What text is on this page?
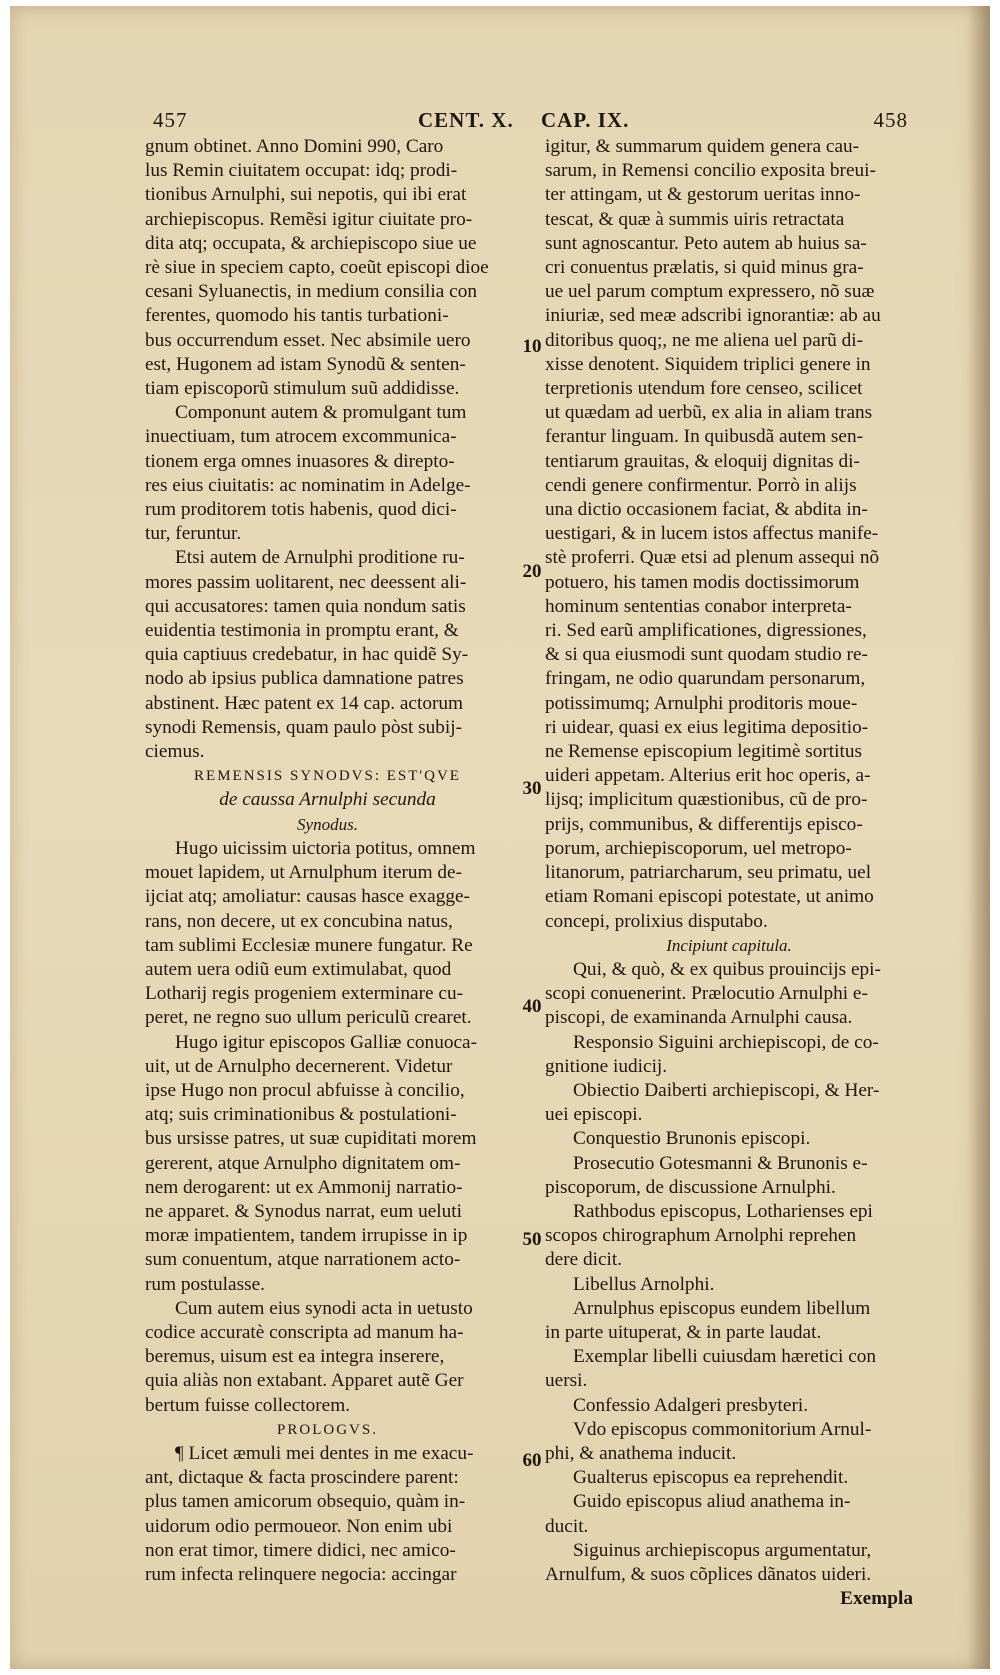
457	CENT. X. CAP. IX.	458

gnum obtinet. Anno Domini 990, Caro

lus Remin ciuitatem occupat: idq; prodi-

tionibus Arnulphi, sui nepotis, qui ibi erat

archiepiscopus. Remẽsi igitur ciuitate pro-

dita atq; occupata, & archiepiscopo siue ue

rè siue in speciem capto, coeũt episcopi dioe

cesani Syluanectis, in medium consilia con

ferentes, quomodo his tantis turbationi-

bus occurrendum esset. Nec absimile uero

est, Hugonem ad istam Synodũ & senten-

tiam episcoporũ stimulum suũ addidisse.

Componunt autem & promulgant tum

inuectiuam, tum atrocem excommunica-

tionem erga omnes inuasores & direpto-

res eius ciuitatis: ac nominatim in Adelge-

rum proditorem totis habenis, quod dici-

tur, feruntur.

Etsi autem de Arnulphi proditione ru-

mores passim uolitarent, nec deessent ali-

qui accusatores: tamen quia nondum satis

euidentia testimonia in promptu erant, &

quia captiuus credebatur, in hac quidẽ Sy-

nodo ab ipsius publica damnatione patres

abstinent. Hæc patent ex 14 cap. actorum

synodi Remensis, quam paulo pòst subij-

ciemus.

REMENSIS SYNODVS: EST'QVE

de caussa Arnulphi secunda

Synodus.

Hugo uicissim uictoria potitus, omnem

mouet lapidem, ut Arnulphum iterum de-

ijciat atq; amoliatur: causas hasce exagge-

rans, non decere, ut ex concubina natus,

tam sublimi Ecclesiæ munere fungatur. Re

autem uera odiũ eum extimulabat, quod

Lotharij regis progeniem exterminare cu-

peret, ne regno suo ullum periculũ crearet.

Hugo igitur episcopos Galliæ conuoca-

uit, ut de Arnulpho decernerent. Videtur

ipse Hugo non procul abfuisse à concilio,

atq; suis criminationibus & postulationi-

bus ursisse patres, ut suæ cupiditati morem

gererent, atque Arnulpho dignitatem om-

nem derogarent: ut ex Ammonij narratio-

ne apparet. & Synodus narrat, eum ueluti

moræ impatientem, tandem irrupisse in ip

sum conuentum, atque narrationem acto-

rum postulasse.

Cum autem eius synodi acta in uetusto

codice accuratè conscripta ad manum ha-

beremus, uisum est ea integra inserere,

quia aliàs non extabant. Apparet autẽ Ger

bertum fuisse collectorem.

PROLOGVS.

¶ Licet æmuli mei dentes in me exacu-

ant, dictaque & facta proscindere parent:

plus tamen amicorum obsequio, quàm in-

uidorum odio permoueor. Non enim ubi

non erat timor, timere didici, nec amico-

rum infecta relinquere negocia: accingar

10
20
30
40
50
60

igitur, & summarum quidem genera cau-

sarum, in Remensi concilio exposita breui-

ter attingam, ut & gestorum ueritas inno-

tescat, & quæ à summis uiris retractata

sunt agnoscantur. Peto autem ab huius sa-

cri conuentus prælatis, si quid minus gra-

ue uel parum comptum expressero, nõ suæ

iniuriæ, sed meæ adscribi ignorantiæ: ab au

ditoribus quoq;, ne me aliena uel parũ di-

xisse denotent. Siquidem triplici genere in

terpretionis utendum fore censeo, scilicet

ut quædam ad uerbũ, ex alia in aliam trans

ferantur linguam. In quibusdã autem sen-

tentiarum grauitas, & eloquij dignitas di-

cendi genere confirmentur. Porrò in alijs

una dictio occasionem faciat, & abdita in-

uestigari, & in lucem istos affectus manife-

stè proferri. Quæ etsi ad plenum assequi nõ

potuero, his tamen modis doctissimorum

hominum sententias conabor interpreta-

ri. Sed earũ amplificationes, digressiones,

& si qua eiusmodi sunt quodam studio re-

fringam, ne odio quarundam personarum,

potissimumq; Arnulphi proditoris moue-

ri uidear, quasi ex eius legitima depositio-

ne Remense episcopium legitimè sortitus

uideri appetam. Alterius erit hoc operis, a-

lijsq; implicitum quæstionibus, cũ de pro-

prijs, communibus, & differentijs episco-

porum, archiepiscoporum, uel metropo-

litanorum, patriarcharum, seu primatu, uel

etiam Romani episcopi potestate, ut animo

concepi, prolixius disputabo.

Incipiunt capitula.

Qui, & quò, & ex quibus prouincijs epi-

scopi conuenerint. Prælocutio Arnulphi e-

piscopi, de examinanda Arnulphi causa.

Responsio Siguini archiepiscopi, de co-

gnitione iudicij.

Obiectio Daiberti archiepiscopi, & Her-

uei episcopi.

Conquestio Brunonis episcopi.

Prosecutio Gotesmanni & Brunonis e-

piscoporum, de discussione Arnulphi.

Rathbodus episcopus, Lotharienses epi

scopos chirographum Arnolphi reprehen

dere dicit.

Libellus Arnolphi.

Arnulphus episcopus eundem libellum

in parte uituperat, & in parte laudat.

Exemplar libelli cuiusdam hæretici con

uersi.

Confessio Adalgeri presbyteri.

Vdo episcopus commonitorium Arnul-

phi, & anathema inducit.

Gualterus episcopus ea reprehendit.

Guido episcopus aliud anathema in-

ducit.

Siguinus archiepiscopus argumentatur,

Arnulfum, & suos cõplices dãnatos uideri.

Exempla
